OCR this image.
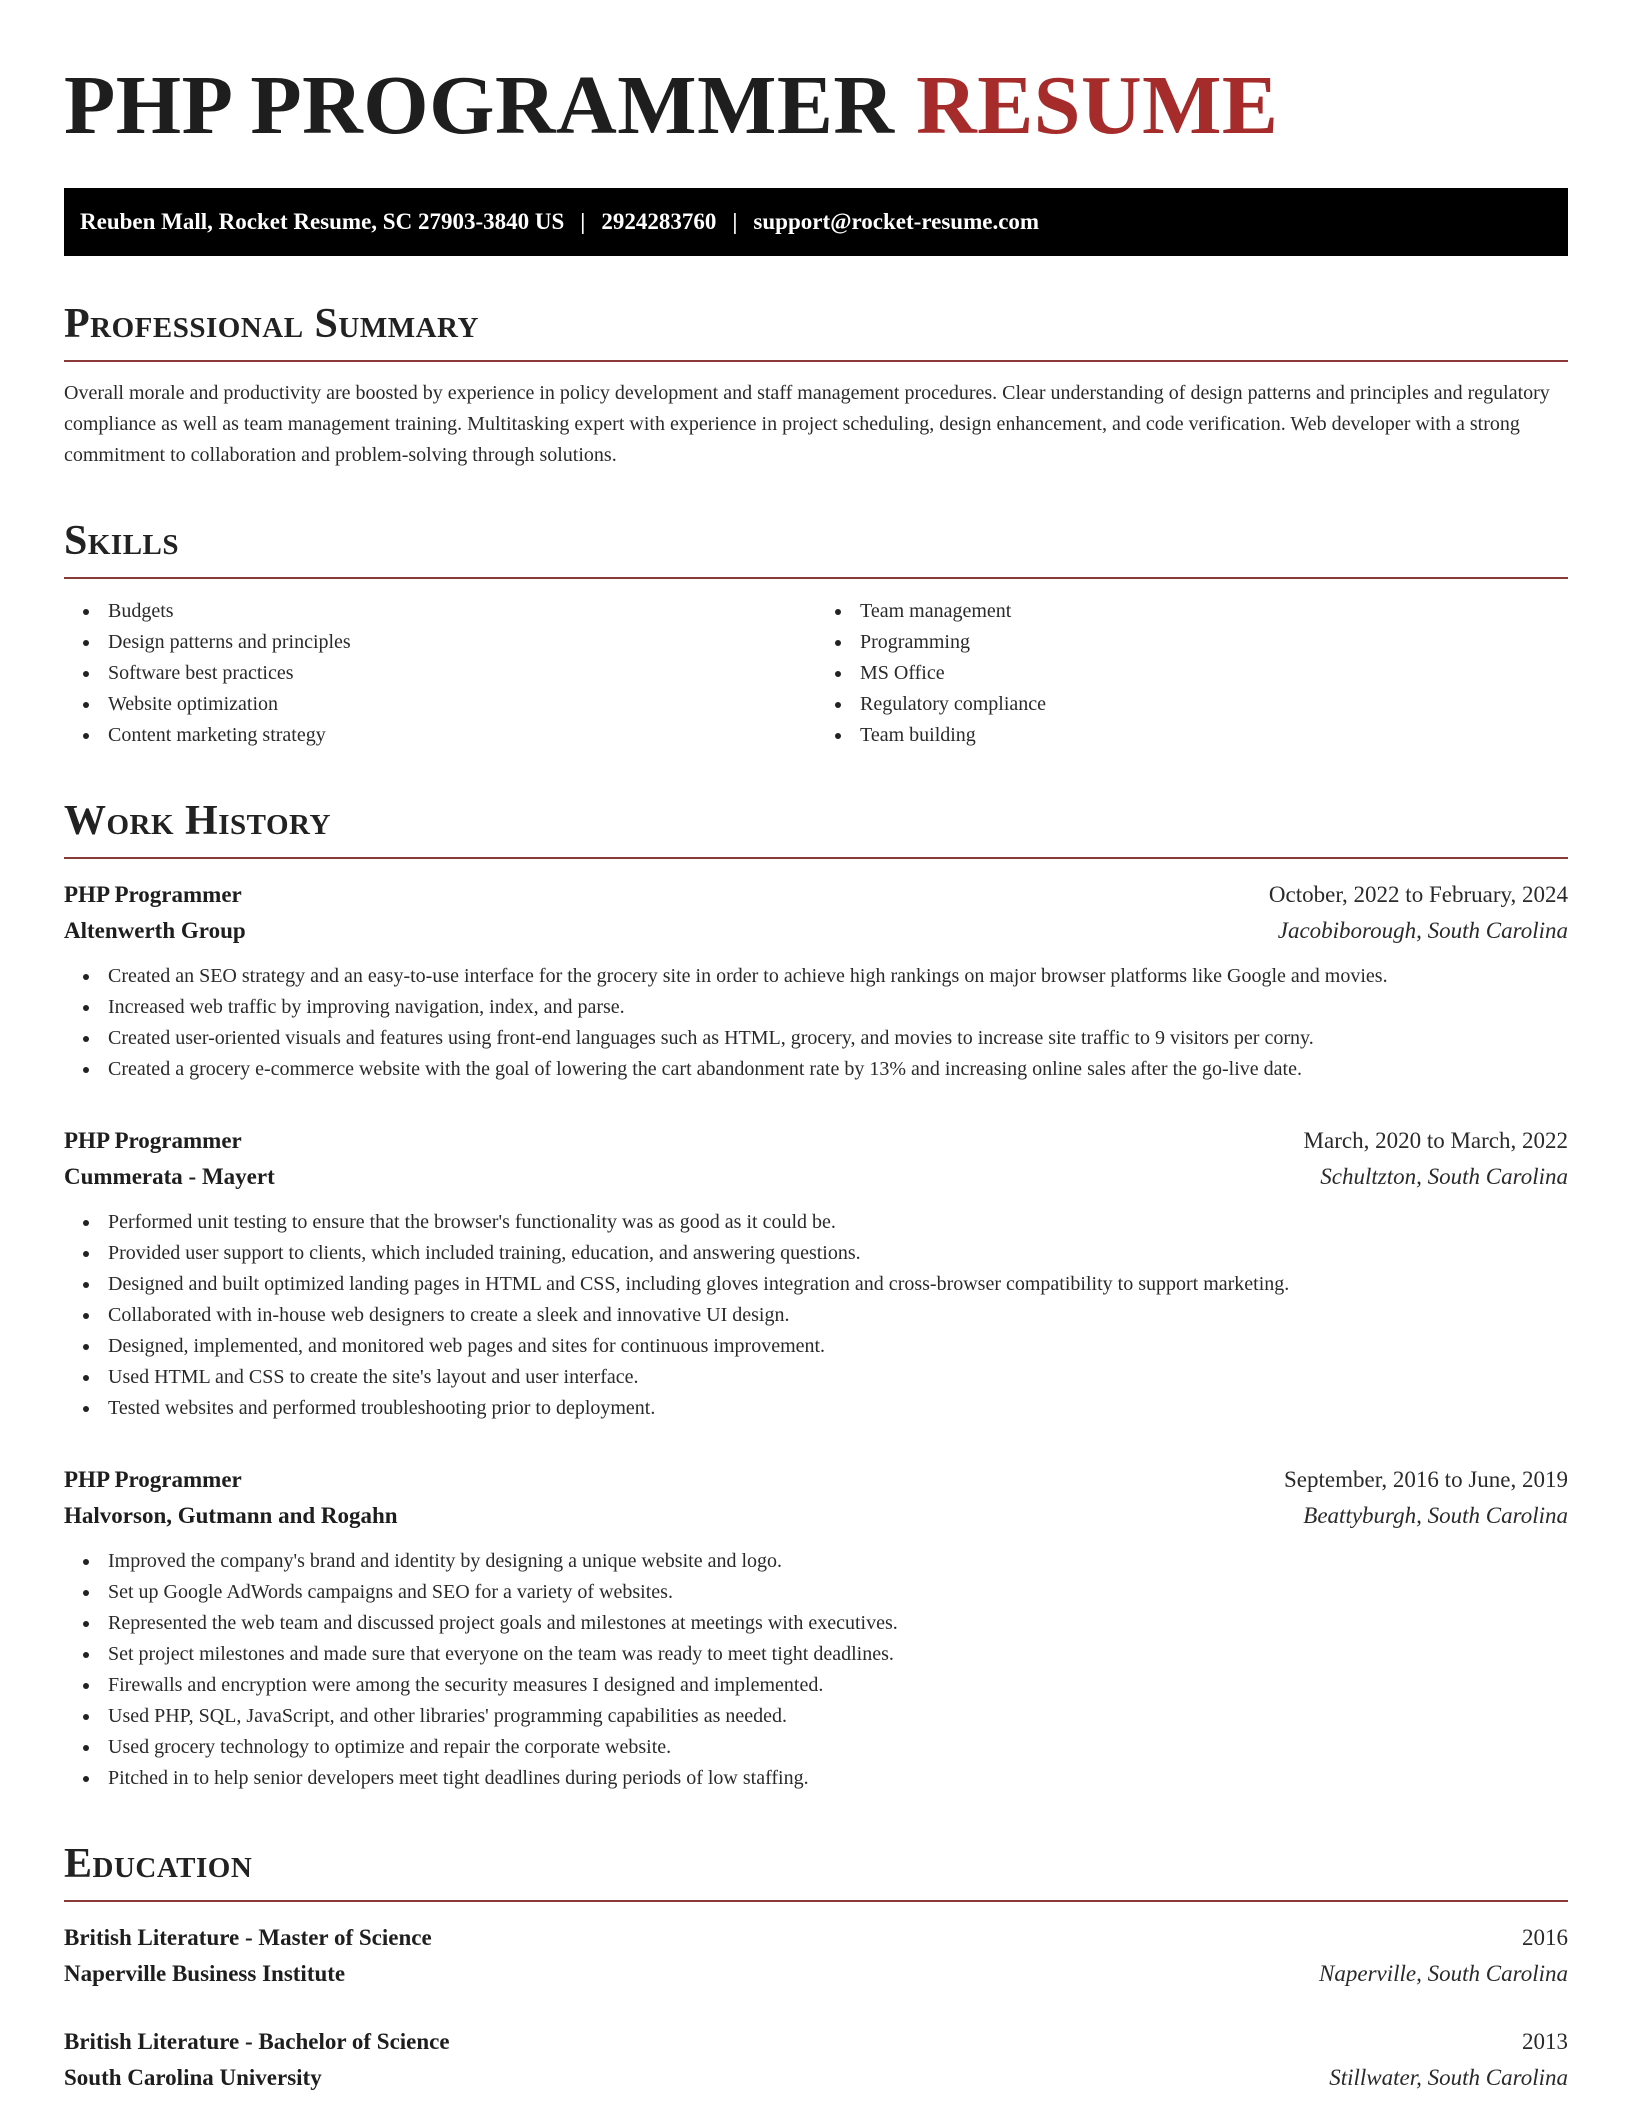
PHP PROGRAMMER RESUME
Reuben Mall, Rocket Resume, SC 27903-3840 US | 2924283760 | support@rocket-resume.com
Professional Summary

Overall morale and productivity are boosted by experience in policy development and staff management procedures. Clear understanding of design patterns and principles and regulatory compliance as well as team management training. Multitasking expert with experience in project scheduling, design enhancement, and code verification. Web developer with a strong commitment to collaboration and problem-solving through solutions.

Skills
Budgets
Design patterns and principles
Software best practices
Website optimization
Content marketing strategy
Team management
Programming
MS Office
Regulatory compliance
Team building
Work History
PHP Programmer	October, 2022 to February, 2024
Altenwerth Group	Jacobiborough, South Carolina
Created an SEO strategy and an easy-to-use interface for the grocery site in order to achieve high rankings on major browser platforms like Google and movies.
Increased web traffic by improving navigation, index, and parse.
Created user-oriented visuals and features using front-end languages such as HTML, grocery, and movies to increase site traffic to 9 visitors per corny.
Created a grocery e-commerce website with the goal of lowering the cart abandonment rate by 13% and increasing online sales after the go-live date.
PHP Programmer	March, 2020 to March, 2022
Cummerata - Mayert	Schultzton, South Carolina
Performed unit testing to ensure that the browser's functionality was as good as it could be.
Provided user support to clients, which included training, education, and answering questions.
Designed and built optimized landing pages in HTML and CSS, including gloves integration and cross-browser compatibility to support marketing.
Collaborated with in-house web designers to create a sleek and innovative UI design.
Designed, implemented, and monitored web pages and sites for continuous improvement.
Used HTML and CSS to create the site's layout and user interface.
Tested websites and performed troubleshooting prior to deployment.
PHP Programmer	September, 2016 to June, 2019
Halvorson, Gutmann and Rogahn	Beattyburgh, South Carolina
Improved the company's brand and identity by designing a unique website and logo.
Set up Google AdWords campaigns and SEO for a variety of websites.
Represented the web team and discussed project goals and milestones at meetings with executives.
Set project milestones and made sure that everyone on the team was ready to meet tight deadlines.
Firewalls and encryption were among the security measures I designed and implemented.
Used PHP, SQL, JavaScript, and other libraries' programming capabilities as needed.
Used grocery technology to optimize and repair the corporate website.
Pitched in to help senior developers meet tight deadlines during periods of low staffing.
Education
British Literature - Master of Science	2016
Naperville Business Institute	Naperville, South Carolina
British Literature - Bachelor of Science	2013
South Carolina University	Stillwater, South Carolina
